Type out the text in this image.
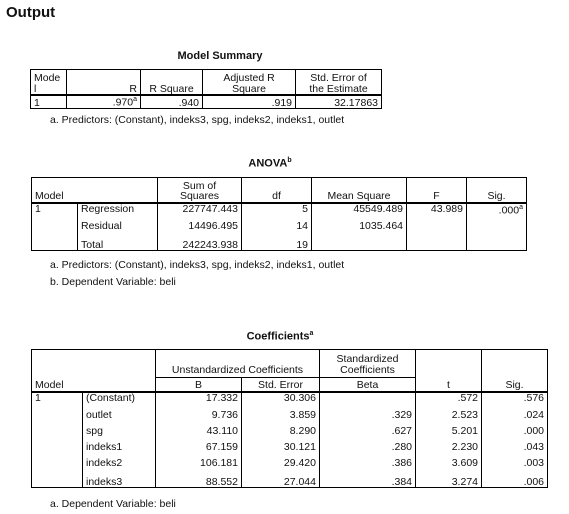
Output
Model Summary
Mode l	R	R Square	Adjusted R Square	Std. Error of the Estimate
1	.970$^a$	.940	.919	32.17863
a. Predictors: (Constant), indeks3, spg, indeks2, indeks1, outlet
ANOVA$^b$
Model		Sum of Squares	df	Mean Square	F	Sig.
1	Regression	227747.443	5	45549.489	43.989	.000$^a$
	Residual	14496.495	14	1035.464		
	Total	242243.938	19			
a. Predictors: (Constant), indeks3, spg, indeks2, indeks1, outlet
b. Dependent Variable: beli
Coefficients$^a$
Model		Unstandardized Coefficients		Standardized Coefficients	t	Sig.
		B	Std. Error	Beta		
1	(Constant)	17.332	30.306		.572	.576
	outlet	9.736	3.859	.329	2.523	.024
	spg	43.110	8.290	.627	5.201	.000
	indeks1	67.159	30.121	.280	2.230	.043
	indeks2	106.181	29.420	.386	3.609	.003
	indeks3	88.552	27.044	.384	3.274	.006
a. Dependent Variable: beli
